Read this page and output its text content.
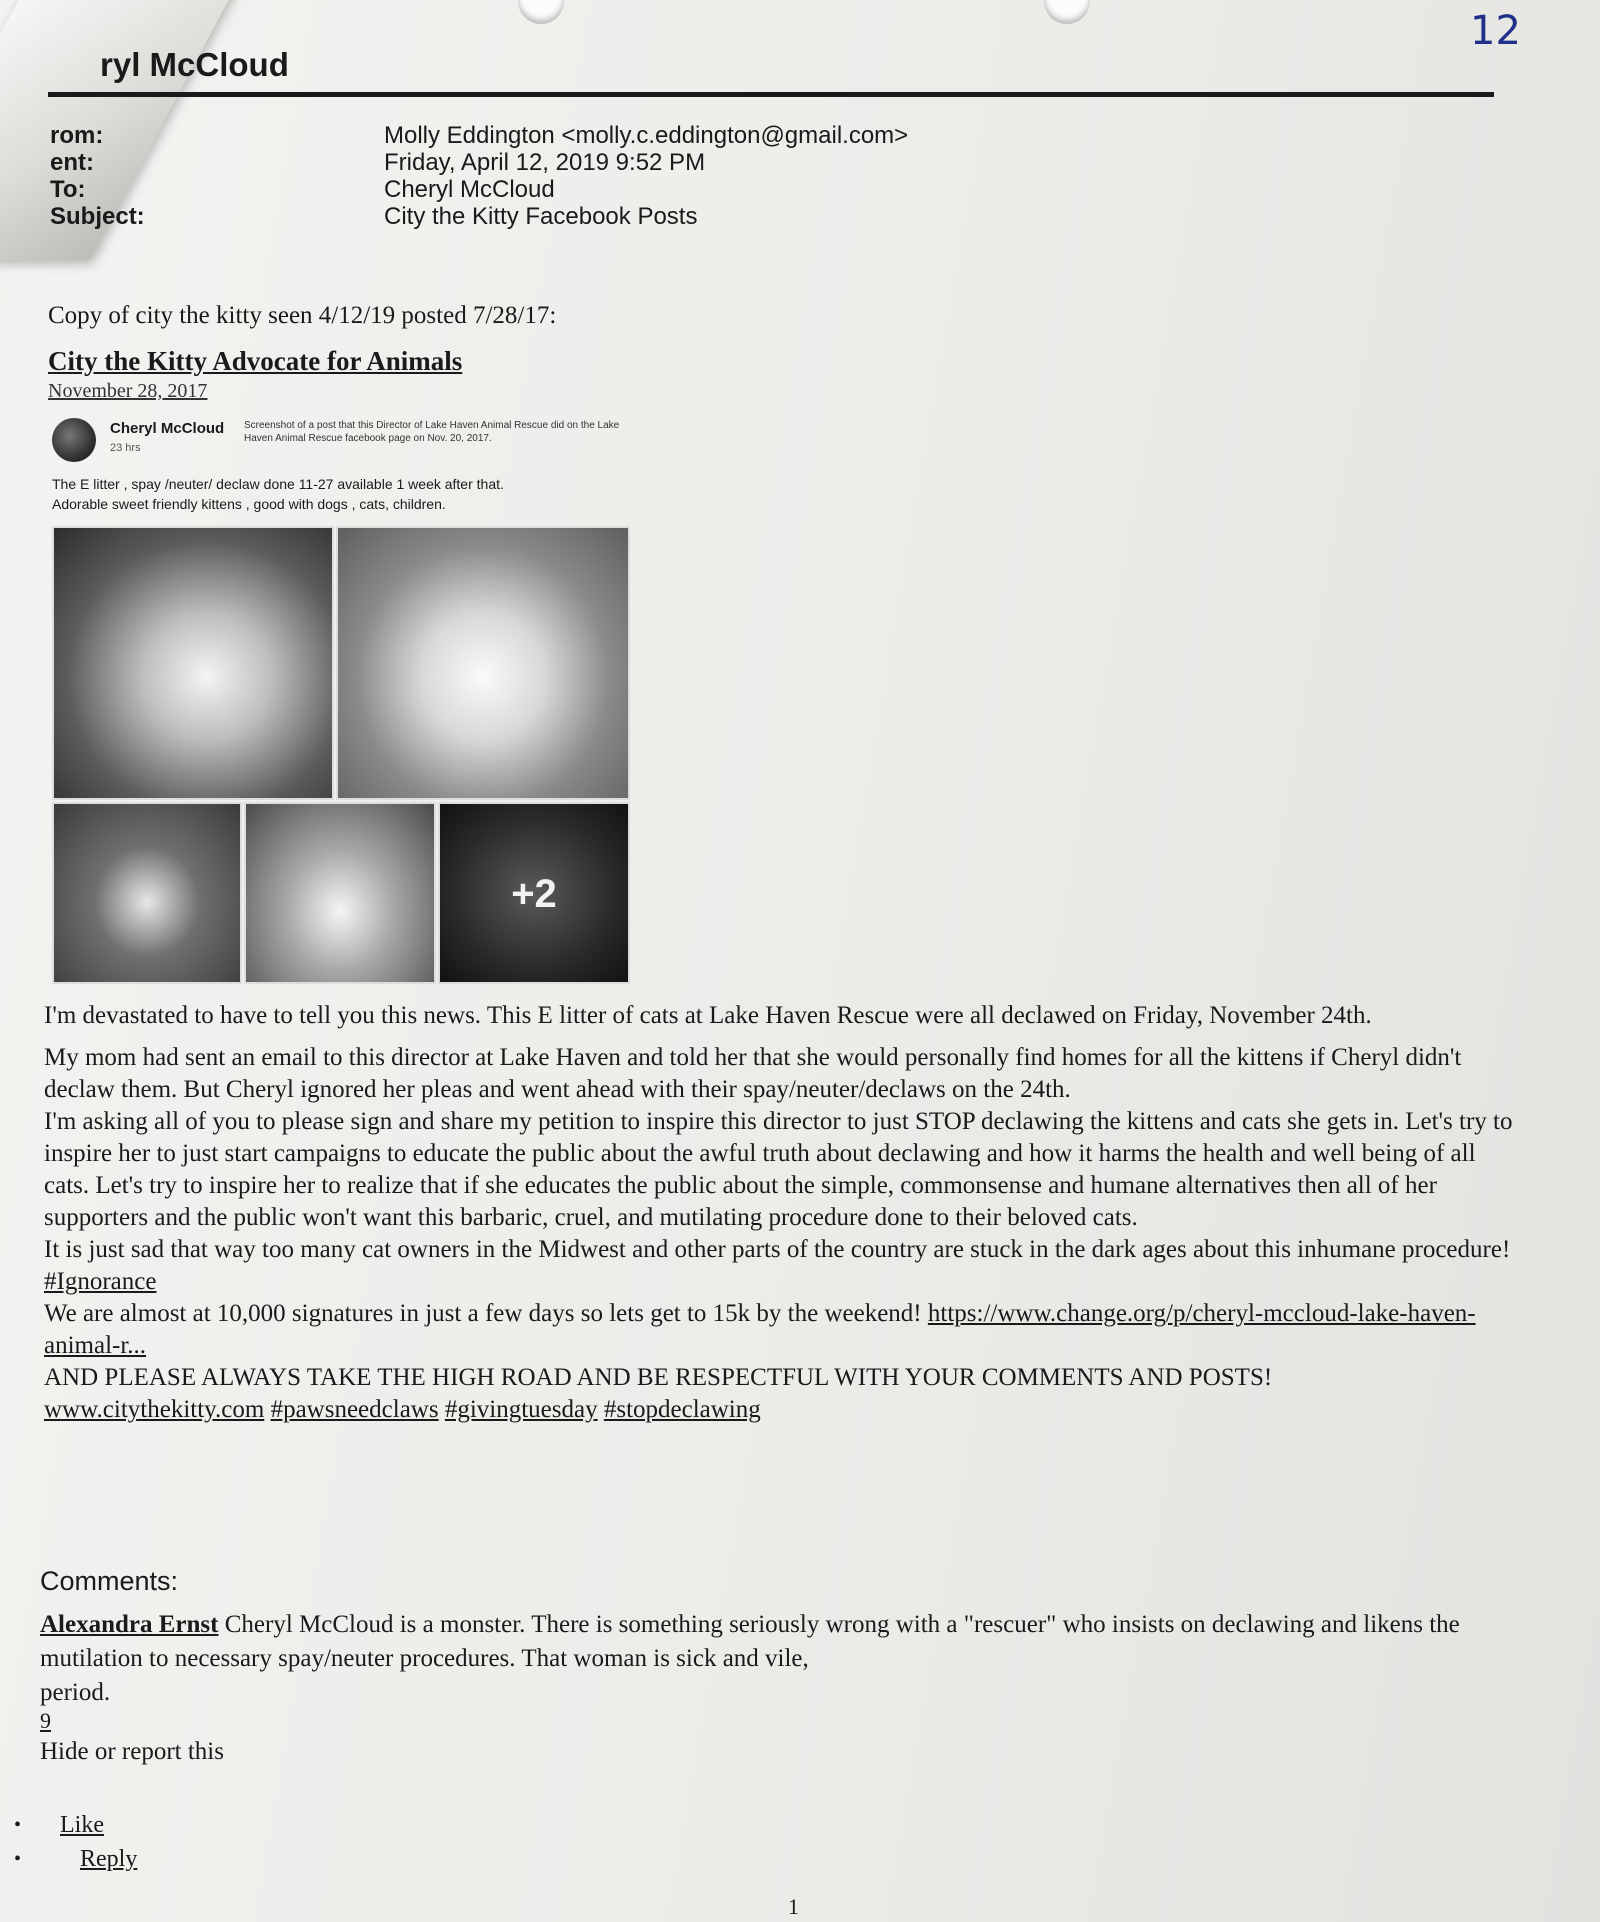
12
ryl McCloud
rom:	Molly Eddington <molly.c.eddington@gmail.com>
ent:	Friday, April 12, 2019 9:52 PM
To:	Cheryl McCloud
Subject:	City the Kitty Facebook Posts
Copy of city the kitty seen 4/12/19 posted 7/28/17:
City the Kitty Advocate for Animals
November 28, 2017
Cheryl McCloud
23 hrs
Screenshot of a post that this Director of Lake Haven Animal Rescue did on the Lake Haven Animal Rescue facebook page on Nov. 20, 2017.
The E litter , spay /neuter/ declaw done 11-27 available 1 week after that.
Adorable sweet friendly kittens , good with dogs , cats, children.
+2

I'm devastated to have to tell you this news. This E litter of cats at Lake Haven Rescue were all declawed on Friday, November 24th.

My mom had sent an email to this director at Lake Haven and told her that she would personally find homes for all the kittens if Cheryl didn't declaw them. But Cheryl ignored her pleas and went ahead with their spay/neuter/declaws on the 24th.

I'm asking all of you to please sign and share my petition to inspire this director to just STOP declawing the kittens and cats she gets in. Let's try to inspire her to just start campaigns to educate the public about the awful truth about declawing and how it harms the health and well being of all cats. Let's try to inspire her to realize that if she educates the public about the simple, commonsense and humane alternatives then all of her supporters and the public won't want this barbaric, cruel, and mutilating procedure done to their beloved cats.

It is just sad that way too many cat owners in the Midwest and other parts of the country are stuck in the dark ages about this inhumane procedure! #Ignorance

We are almost at 10,000 signatures in just a few days so lets get to 15k by the weekend! https://www.change.org/p/cheryl-mccloud-lake-haven-animal-r...

AND PLEASE ALWAYS TAKE THE HIGH ROAD AND BE RESPECTFUL WITH YOUR COMMENTS AND POSTS!

www.citythekitty.com #pawsneedclaws #givingtuesday #stopdeclawing

Comments:
Alexandra Ernst Cheryl McCloud is a monster. There is something seriously wrong with a "rescuer" who insists on declawing and likens the mutilation to necessary spay/neuter procedures. That woman is sick and vile,
period.
9
Hide or report this
•	Like
•	Reply
1
